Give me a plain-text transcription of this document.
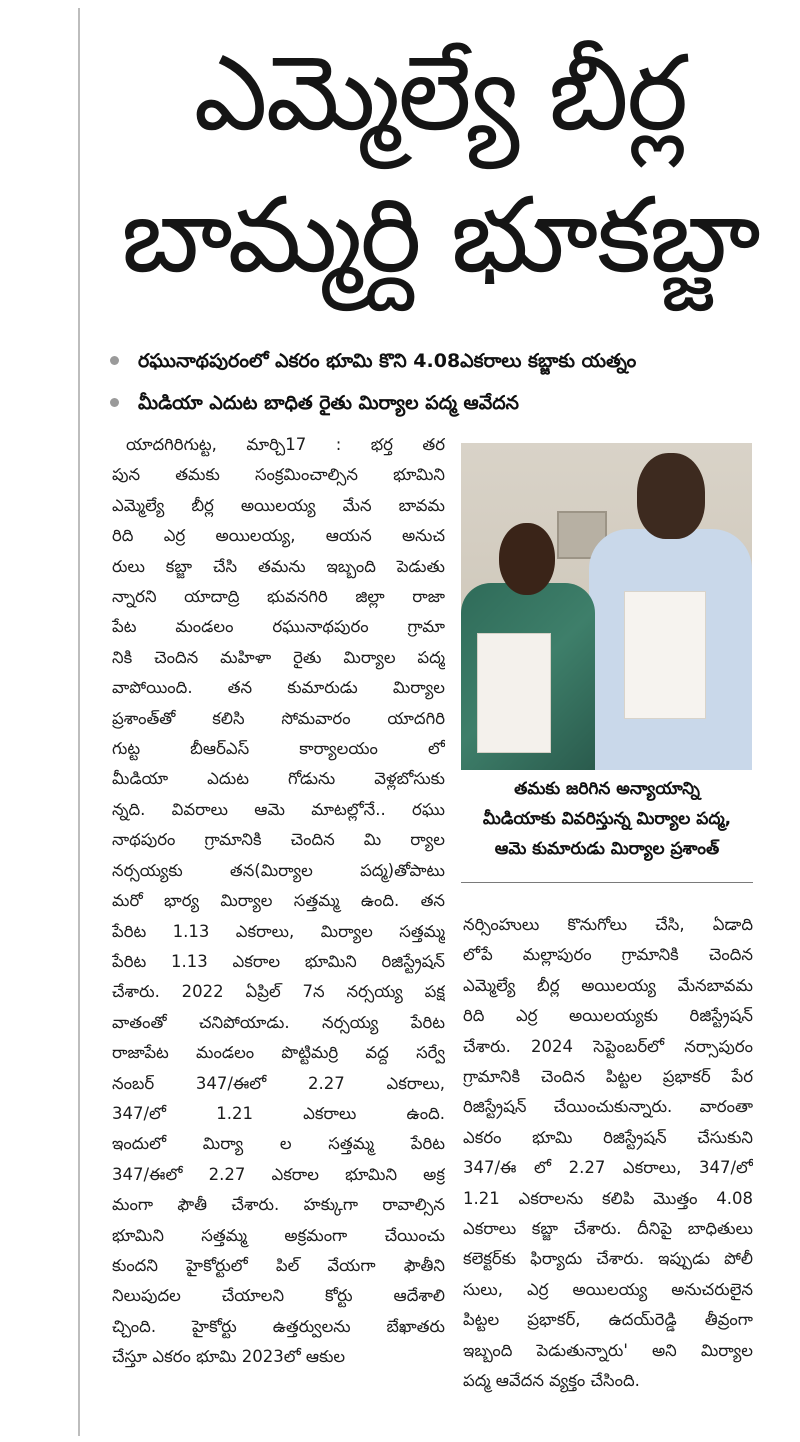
ఎమ్మెల్యే బీర్ల
బామ్మర్ది భూకబ్జా
రఘునాథపురంలో ఎకరం భూమి కొని 4.08ఎకరాలు కబ్జాకు యత్నం
మీడియా ఎదుట బాధిత రైతు మిర్యాల పద్మ ఆవేదన
యాదగిరిగుట్ట, మార్చి17 : భర్త తర
పున తమకు సంక్రమించాల్సిన భూమిని
ఎమ్మెల్యే బీర్ల అయిలయ్య మేన బావమ
రిది ఎర్ర అయిలయ్య, ఆయన అనుచ
రులు కబ్జా చేసి తమను ఇబ్బంది పెడుతు
న్నారని యాదాద్రి భువనగిరి జిల్లా రాజా
పేట మండలం రఘునాథపురం గ్రామా
నికి చెందిన మహిళా రైతు మిర్యాల పద్మ
వాపోయింది. తన కుమారుడు మిర్యాల
ప్రశాంత్‌తో కలిసి సోమవారం యాదగిరి
గుట్ట బీఆర్ఎస్ కార్యాలయం లో
మీడియా ఎదుట గోడును వెళ్లబోసుకు
న్నది. వివరాలు ఆమె మాటల్లోనే.. రఘు
నాథపురం గ్రామానికి చెందిన మి ర్యాల
నర్సయ్యకు తన(మిర్యాల పద్మ)తోపాటు
మరో భార్య మిర్యాల సత్తమ్మ ఉంది. తన
పేరిట 1.13 ఎకరాలు, మిర్యాల సత్తమ్మ
పేరిట 1.13 ఎకరాల భూమిని రిజిస్ట్రేషన్
చేశారు. 2022 ఏప్రిల్ 7న నర్సయ్య పక్ష
వాతంతో చనిపోయాడు. నర్సయ్య పేరిట
రాజాపేట మండలం పొట్టిమర్రి వద్ద సర్వే
నంబర్ 347/ఈలో 2.27 ఎకరాలు,
347/లో 1.21 ఎకరాలు ఉంది.
ఇందులో మిర్యా ల సత్తమ్మ పేరిట
347/ఈలో 2.27 ఎకరాల భూమిని అక్ర
మంగా ఫౌతీ చేశారు. హక్కుగా రావాల్సిన
భూమిని సత్తమ్మ అక్రమంగా చేయించు
కుందని హైకోర్టులో పిల్ వేయగా ఫౌతీని
నిలుపుదల చేయాలని కోర్టు ఆదేశాలి
చ్చింది. హైకోర్టు ఉత్తర్వులను బేఖాతరు
చేస్తూ ఎకరం భూమి 2023లో ఆకుల
తమకు జరిగిన అన్యాయాన్ని
మీడియాకు వివరిస్తున్న మిర్యాల పద్మ,
ఆమె కుమారుడు మిర్యాల ప్రశాంత్
నర్సింహులు కొనుగోలు చేసి, ఏడాది
లోపే మల్లాపురం గ్రామానికి చెందిన
ఎమ్మెల్యే బీర్ల అయిలయ్య మేనబావమ
రిది ఎర్ర అయిలయ్యకు రిజిస్ట్రేషన్
చేశారు. 2024 సెప్టెంబర్‌లో నర్సాపురం
గ్రామానికి చెందిన పిట్టల ప్రభాకర్ పేర
రిజిస్ట్రేషన్ చేయించుకున్నారు. వారంతా
ఎకరం భూమి రిజిస్ట్రేషన్ చేసుకుని
347/ఈ లో 2.27 ఎకరాలు, 347/లో
1.21 ఎకరాలను కలిపి మొత్తం 4.08
ఎకరాలు కబ్జా చేశారు. దీనిపై బాధితులు
కలెక్టర్‌కు ఫిర్యాదు చేశారు. ఇప్పుడు పోలీ
సులు, ఎర్ర అయిలయ్య అనుచరులైన
పిట్టల ప్రభాకర్, ఉదయ్‌రెడ్డి తీవ్రంగా
ఇబ్బంది పెడుతున్నారు' అని మిర్యాల
పద్మ ఆవేదన వ్యక్తం చేసింది.
